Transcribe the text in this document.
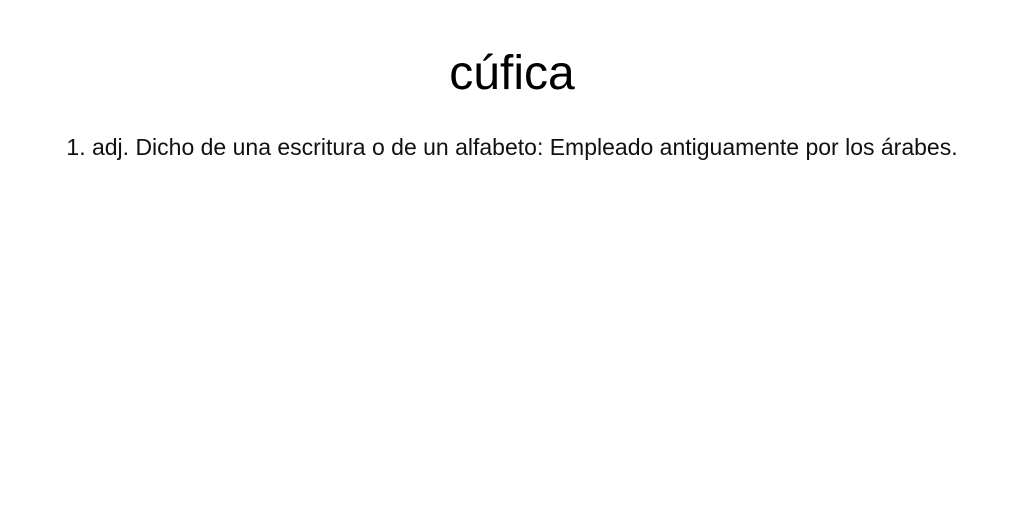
cúfica
1. adj. Dicho de una escritura o de un alfabeto: Empleado antiguamente por los árabes.
